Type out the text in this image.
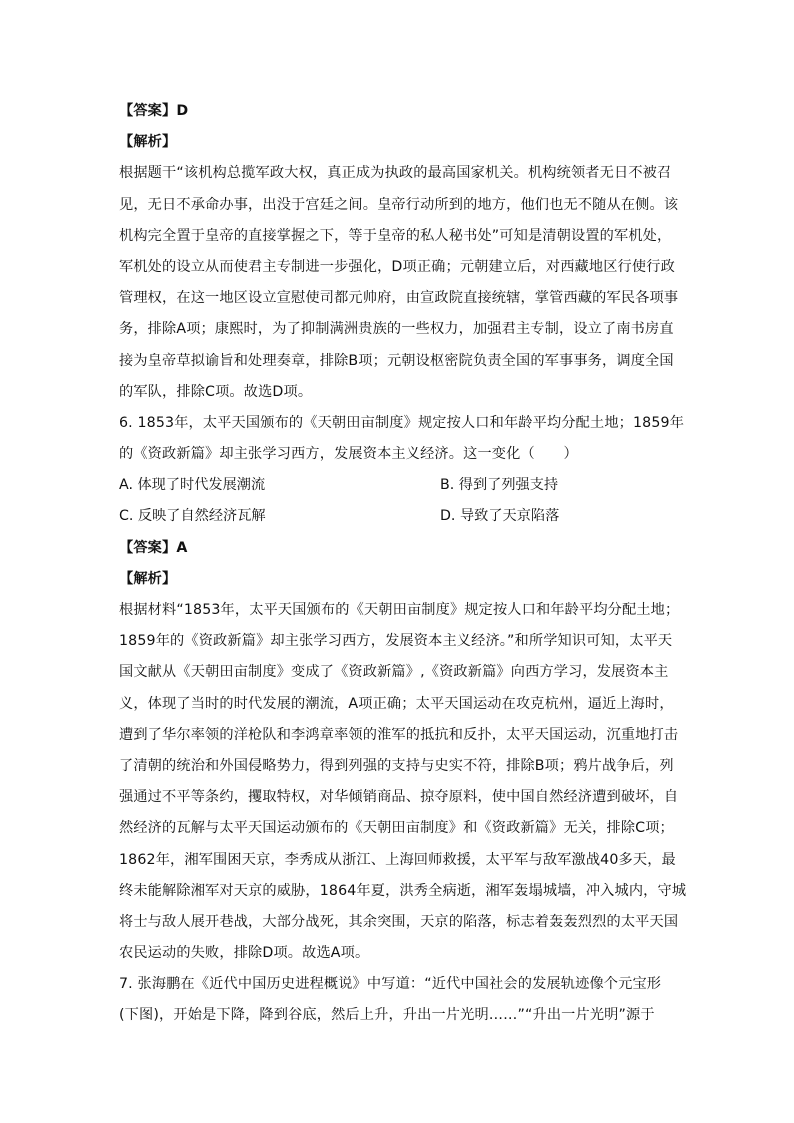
【答案】D
【解析】
根据题干“该机构总揽军政大权，真正成为执政的最高国家机关。机构统领者无日不被召
见，无日不承命办事，出没于宫廷之间。皇帝行动所到的地方，他们也无不随从在侧。该
机构完全置于皇帝的直接掌握之下，等于皇帝的私人秘书处”可知是清朝设置的军机处，
军机处的设立从而使君主专制进一步强化，D项正确；元朝建立后，对西藏地区行使行政
管理权，在这一地区设立宣慰使司都元帅府，由宣政院直接统辖，掌管西藏的军民各项事
务，排除A项；康熙时，为了抑制满洲贵族的一些权力，加强君主专制，设立了南书房直
接为皇帝草拟谕旨和处理奏章，排除B项；元朝设枢密院负责全国的军事事务，调度全国
的军队，排除C项。故选D项。
6. 1853年，太平天国颁布的《天朝田亩制度》规定按人口和年龄平均分配土地；1859年
的《资政新篇》却主张学习西方，发展资本主义经济。这一变化（　　）
A. 体现了时代发展潮流	B. 得到了列强支持
C. 反映了自然经济瓦解	D. 导致了天京陷落
【答案】A
【解析】
根据材料“1853年，太平天国颁布的《天朝田亩制度》规定按人口和年龄平均分配土地；
1859年的《资政新篇》却主张学习西方，发展资本主义经济。”和所学知识可知，太平天
国文献从《天朝田亩制度》变成了《资政新篇》,《资政新篇》向西方学习，发展资本主
义，体现了当时的时代发展的潮流，A项正确；太平天国运动在攻克杭州，逼近上海时，
遭到了华尔率领的洋枪队和李鸿章率领的淮军的抵抗和反扑，太平天国运动，沉重地打击
了清朝的统治和外国侵略势力，得到列强的支持与史实不符，排除B项；鸦片战争后，列
强通过不平等条约，攫取特权，对华倾销商品、掠夺原料，使中国自然经济遭到破坏，自
然经济的瓦解与太平天国运动颁布的《天朝田亩制度》和《资政新篇》无关，排除C项；
1862年，湘军围困天京，李秀成从浙江、上海回师救援，太平军与敌军激战40多天，最
终未能解除湘军对天京的威胁，1864年夏，洪秀全病逝，湘军轰塌城墙，冲入城内，守城
将士与敌人展开巷战，大部分战死，其余突围，天京的陷落，标志着轰轰烈烈的太平天国
农民运动的失败，排除D项。故选A项。
7. 张海鹏在《近代中国历史进程概说》中写道：“近代中国社会的发展轨迹像个元宝形
(下图)，开始是下降，降到谷底，然后上升，升出一片光明……”“升出一片光明”源于
